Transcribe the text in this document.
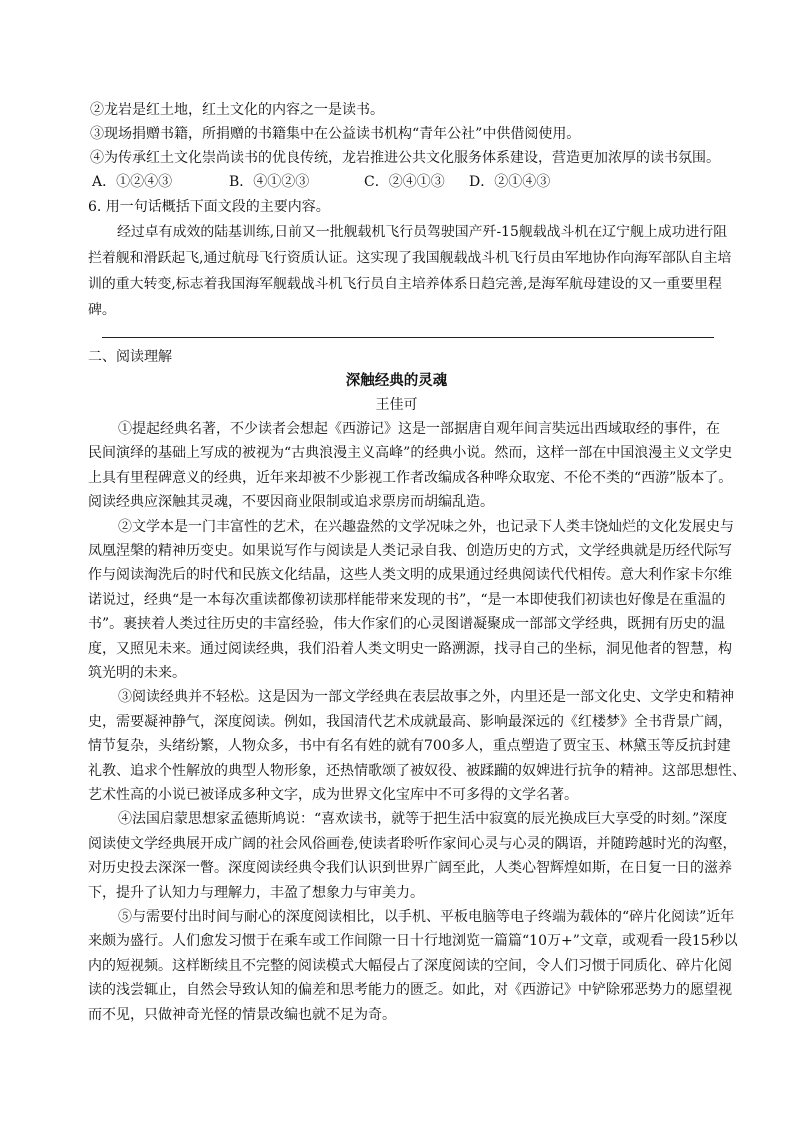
②龙岩是红土地，红土文化的内容之一是读书。
③现场捐赠书籍，所捐赠的书籍集中在公益读书机构“青年公社”中供借阅使用。
④为传承红土文化崇尚读书的优良传统，龙岩推进公共文化服务体系建设，营造更加浓厚的读书氛围。
A．①②④③	B．④①②③	C．②④①③ D．②①④③
6. 用一句话概括下面文段的主要内容。
经过卓有成效的陆基训练,日前又一批舰载机飞行员驾驶国产歼-15舰载战斗机在辽宁舰上成功进行阻
拦着舰和滑跃起飞,通过航母飞行资质认证。这实现了我国舰载战斗机飞行员由军地协作向海军部队自主培
训的重大转变,标志着我国海军舰载战斗机飞行员自主培养体系日趋完善,是海军航母建设的又一重要里程
碑。
二、阅读理解
深触经典的灵魂
王佳可
①提起经典名著，不少读者会想起《西游记》这是一部据唐自观年间言奘远出西域取经的事件，在
民间演绎的基础上写成的被视为“古典浪漫主义高峰”的经典小说。然而，这样一部在中国浪漫主义文学史
上具有里程碑意义的经典，近年来却被不少影视工作者改编成各种哗众取宠、不伦不类的“西游”版本了。
阅读经典应深触其灵魂，不要因商业限制或追求票房而胡编乱造。
②文学本是一门丰富性的艺术，在兴趣盎然的文学况味之外，也记录下人类丰饶灿烂的文化发展史与
凤凰涅槃的精神历变史。如果说写作与阅读是人类记录自我、创造历史的方式，文学经典就是历经代际写
作与阅读淘洗后的时代和民族文化结晶，这些人类文明的成果通过经典阅读代代相传。意大利作家卡尔维
诺说过，经典“是一本每次重读都像初读那样能带来发现的书”，“是一本即使我们初读也好像是在重温的
书”。裹挟着人类过往历史的丰富经验，伟大作家们的心灵图谱凝聚成一部部文学经典，既拥有历史的温
度，又照见未来。通过阅读经典，我们沿着人类文明史一路溯源，找寻自己的坐标，洞见他者的智慧，构
筑光明的未来。
③阅读经典并不轻松。这是因为一部文学经典在表层故事之外，内里还是一部文化史、文学史和精神
史，需要凝神静气，深度阅读。例如，我国清代艺术成就最高、影响最深远的《红楼梦》全书背景广阔，
情节复杂，头绪纷繁，人物众多，书中有名有姓的就有700多人，重点塑造了贾宝玉、林黛玉等反抗封建
礼教、追求个性解放的典型人物形象，还热情歌颂了被奴役、被蹂躏的奴婢进行抗争的精神。这部思想性、
艺术性高的小说已被译成多种文字，成为世界文化宝库中不可多得的文学名著。
④法国启蒙思想家孟德斯鸠说：“喜欢读书，就等于把生活中寂寞的辰光换成巨大享受的时刻。”深度
阅读使文学经典展开成广阔的社会风俗画卷,使读者聆听作家间心灵与心灵的隅语，并随跨越时光的沟壑，
对历史投去深深一瞥。深度阅读经典令我们认识到世界广阔至此，人类心智辉煌如斯，在日复一日的滋养
下，提升了认知力与理解力，丰盈了想象力与审美力。
⑤与需要付出时间与耐心的深度阅读相比，以手机、平板电脑等电子终端为载体的“碎片化阅读”近年
来颇为盛行。人们愈发习惯于在乘车或工作间隙一日十行地浏览一篇篇“10万+”文章，或观看一段15秒以
内的短视频。这样断续且不完整的阅读模式大幅侵占了深度阅读的空间，令人们习惯于同质化、碎片化阅
读的浅尝辄止，自然会导致认知的偏差和思考能力的匮乏。如此，对《西游记》中铲除邪恶势力的愿望视
而不见，只做神奇光怪的情景改编也就不足为奇。
